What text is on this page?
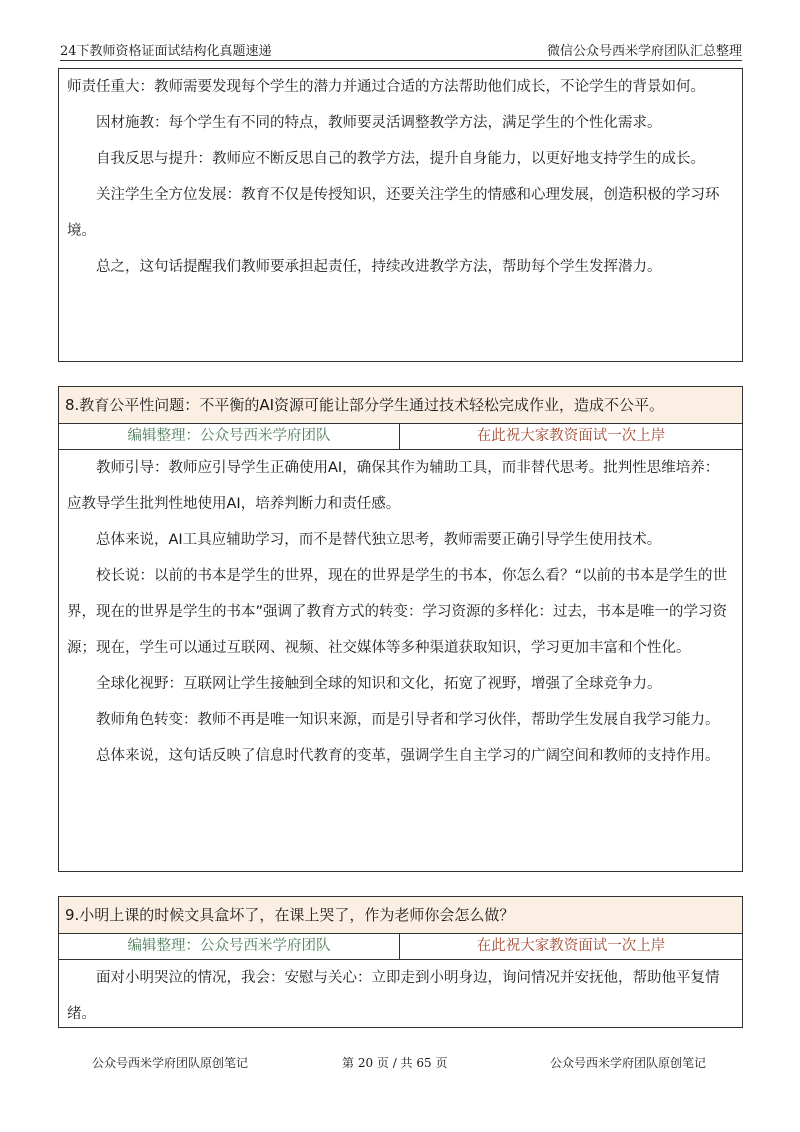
24下教师资格证面试结构化真题速递	微信公众号西米学府团队汇总整理

师责任重大：教师需要发现每个学生的潜力并通过合适的方法帮助他们成长，不论学生的背景如何。

因材施教：每个学生有不同的特点，教师要灵活调整教学方法，满足学生的个性化需求。

自我反思与提升：教师应不断反思自己的教学方法，提升自身能力，以更好地支持学生的成长。

关注学生全方位发展：教育不仅是传授知识，还要关注学生的情感和心理发展，创造积极的学习环境。

总之，这句话提醒我们教师要承担起责任，持续改进教学方法，帮助每个学生发挥潜力。

8.教育公平性问题：不平衡的AI资源可能让部分学生通过技术轻松完成作业，造成不公平。
编辑整理：公众号西米学府团队	在此祝大家教资面试一次上岸

教师引导：教师应引导学生正确使用AI，确保其作为辅助工具，而非替代思考。批判性思维培养：应教导学生批判性地使用AI，培养判断力和责任感。

总体来说，AI工具应辅助学习，而不是替代独立思考，教师需要正确引导学生使用技术。

校长说：以前的书本是学生的世界，现在的世界是学生的书本，你怎么看？“以前的书本是学生的世界，现在的世界是学生的书本”强调了教育方式的转变：学习资源的多样化：过去，书本是唯一的学习资源；现在，学生可以通过互联网、视频、社交媒体等多种渠道获取知识，学习更加丰富和个性化。

全球化视野：互联网让学生接触到全球的知识和文化，拓宽了视野，增强了全球竞争力。

教师角色转变：教师不再是唯一知识来源，而是引导者和学习伙伴，帮助学生发展自我学习能力。

总体来说，这句话反映了信息时代教育的变革，强调学生自主学习的广阔空间和教师的支持作用。

9.小明上课的时候文具盒坏了，在课上哭了，作为老师你会怎么做？
编辑整理：公众号西米学府团队	在此祝大家教资面试一次上岸

面对小明哭泣的情况，我会：安慰与关心：立即走到小明身边，询问情况并安抚他，帮助他平复情绪。

公众号西米学府团队原创笔记	第 20 页 / 共 65 页	公众号西米学府团队原创笔记
